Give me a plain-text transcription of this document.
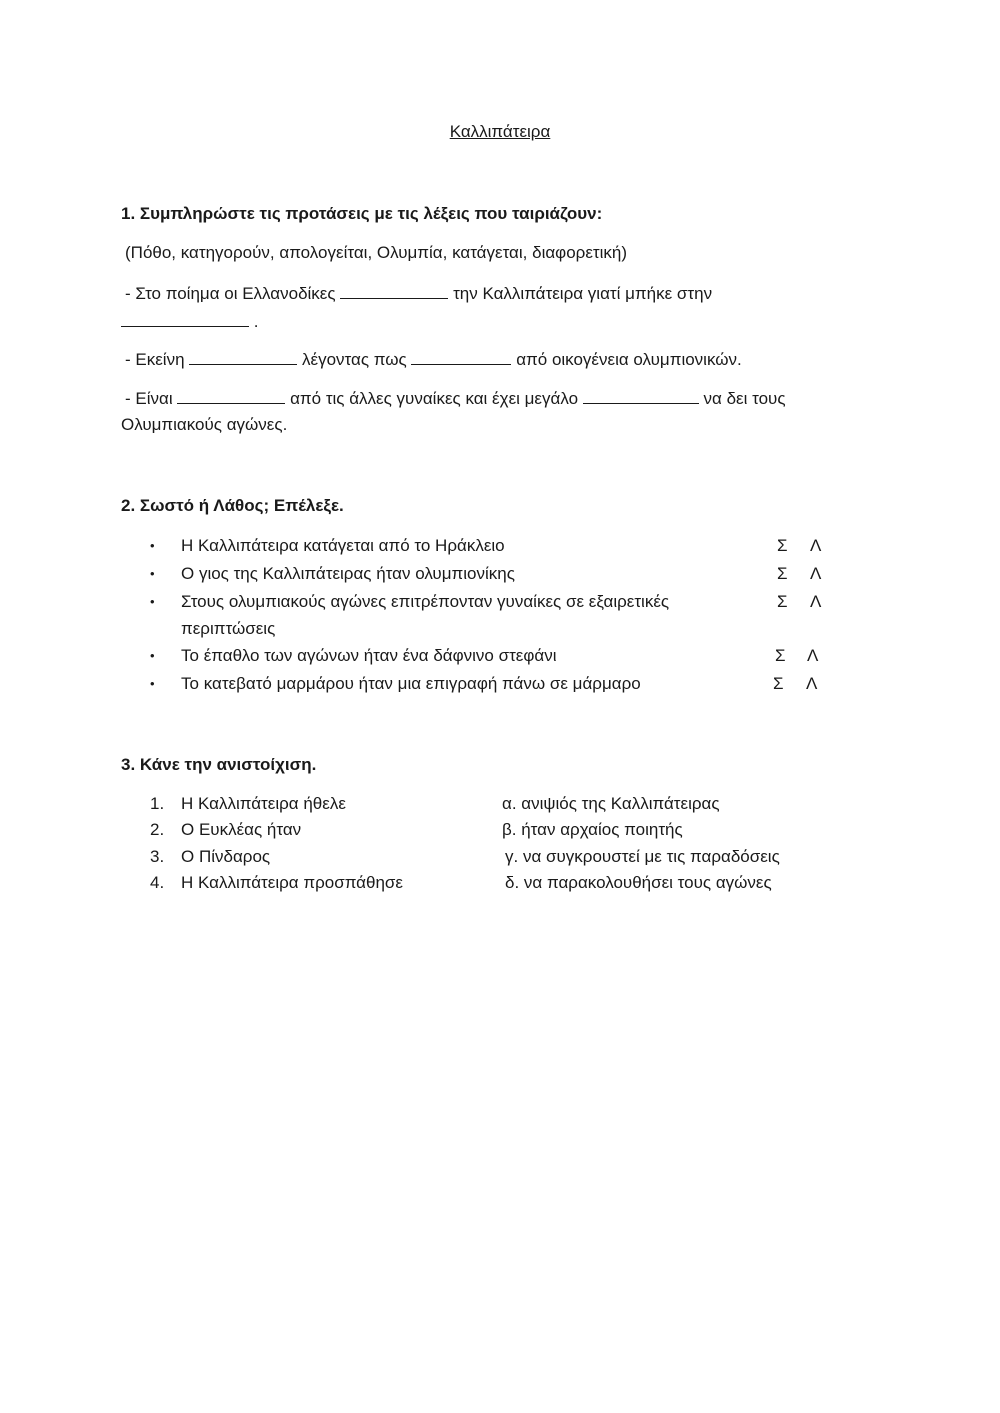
Καλλιπάτειρα
1. Συμπληρώστε τις προτάσεις με τις λέξεις που ταιριάζουν:
(Πόθο, κατηγορούν, απολογείται, Ολυμπία, κατάγεται, διαφορετική)
- Στο ποίημα οι Ελλανοδίκες	την Καλλιπάτειρα γιατί μπήκε στην
.
- Εκείνη	λέγοντας πως	από οικογένεια ολυμπιονικών.
- Είναι	από τις άλλες γυναίκες και έχει μεγάλο	να δει τους
Ολυμπιακούς αγώνες.
2. Σωστό ή Λάθος; Επέλεξε.
• Η Καλλιπάτειρα κατάγεται από το Ηράκλειο	Σ Λ
• Ο γιος της Καλλιπάτειρας ήταν ολυμπιονίκης	Σ Λ
• Στους ολυμπιακούς αγώνες επιτρέπονταν γυναίκες σε εξαιρετικές
περιπτώσεις
Σ Λ
• Το έπαθλο των αγώνων ήταν ένα δάφνινο στεφάνι	Σ Λ
• Το κατεβατό μαρμάρου ήταν μια επιγραφή πάνω σε μάρμαρο	Σ Λ
3. Κάνε την ανιστοίχιση.
1. Η Καλλιπάτειρα ήθελε	α. ανιψιός της Καλλιπάτειρας
2. Ο Ευκλέας ήταν	β. ήταν αρχαίος ποιητής
3. Ο Πίνδαρος	γ. να συγκρουστεί με τις παραδόσεις
4. Η Καλλιπάτειρα προσπάθησε	δ. να παρακολουθήσει τους αγώνες
